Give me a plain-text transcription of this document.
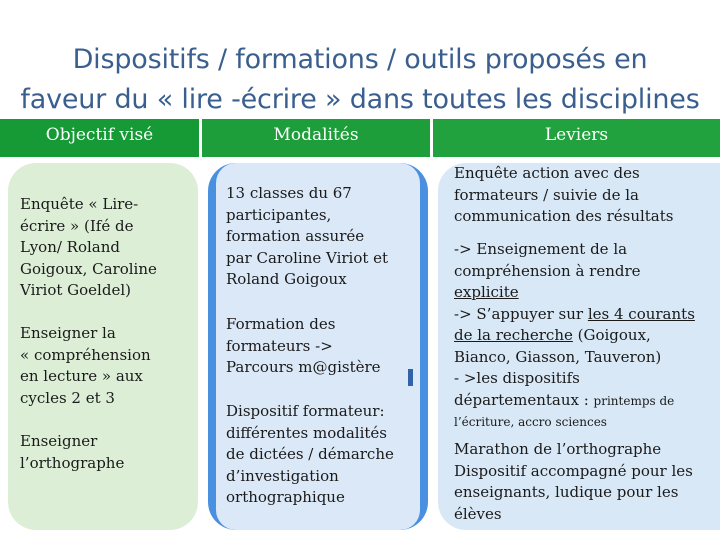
Dispositifs / formations / outils proposés en
faveur du « lire -écrire » dans toutes les disciplines
Objectif visé	Modalités	Leviers

Enquête « Lire-
écrire » (Ifé de
Lyon/ Roland
Goigoux, Caroline
Viriot Goeldel)

Enseigner la
« compréhension
en lecture » aux
cycles 2 et 3

Enseigner
l’orthographe

13 classes du 67
participantes,
formation assurée
par Caroline Viriot et
Roland Goigoux

Formation des
formateurs ->
Parcours m@gistère

Dispositif formateur:
différentes modalités
de dictées / démarche
d’investigation
orthographique

Enquête action avec des
formateurs / suivie de la
communication des résultats

-> Enseignement de la
compréhension à rendre
explicite
-> S’appuyer sur les 4 courants
de la recherche (Goigoux,
Bianco, Giasson, Tauveron)
- >les dispositifs
départementaux : printemps de
l’écriture, accro sciences

Marathon de l’orthographe
Dispositif accompagné pour les
enseignants, ludique pour les
élèves
